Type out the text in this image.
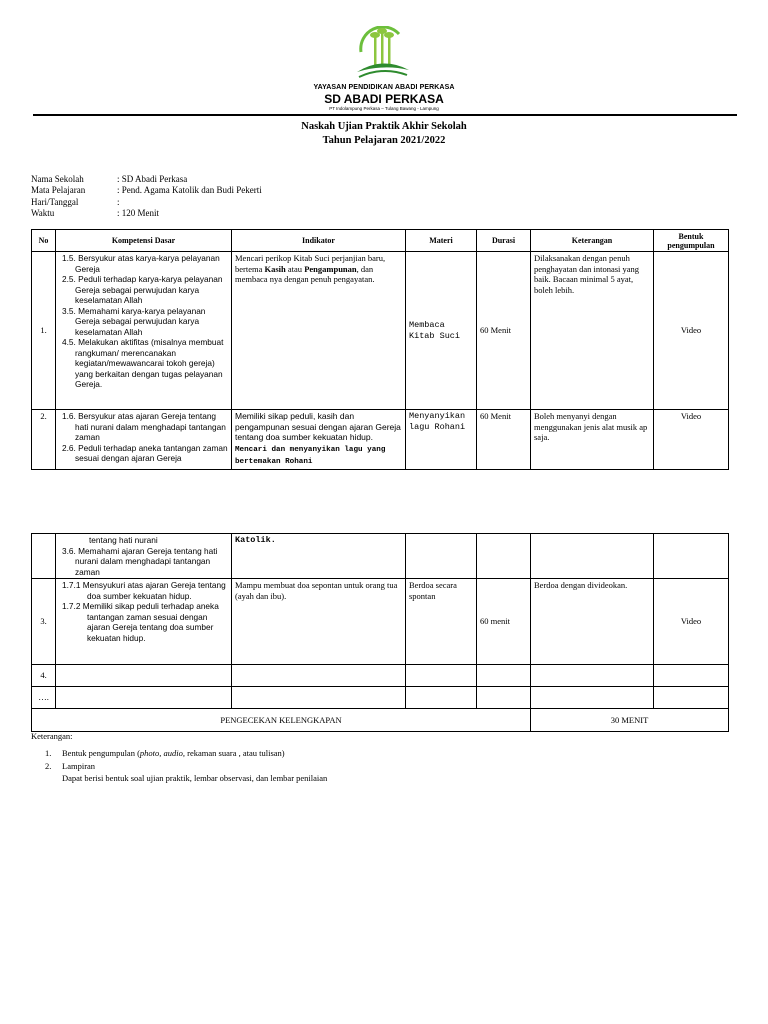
YAYASAN PENDIDIKAN ABADI PERKASA
SD ABADI PERKASA
PT Indolampung Perkasa – Tulang Bawang - Lampung
Naskah Ujian Praktik Akhir Sekolah
Tahun Pelajaran 2021/2022
Nama Sekolah	: SD Abadi Perkasa
Mata Pelajaran	: Pend. Agama Katolik dan Budi Pekerti
Hari/Tanggal	:
Waktu	: 120 Menit
No	Kompetensi Dasar	Indikator	Materi	Durasi	Keterangan	Bentuk pengumpulan
1.	1.5. Bersyukur atas karya-karya pelayanan Gereja
2.5. Peduli terhadap karya-karya pelayanan Gereja sebagai perwujudan karya keselamatan Allah
3.5. Memahami karya-karya pelayanan Gereja sebagai perwujudan karya keselamatan Allah
4.5. Melakukan aktifitas (misalnya membuat rangkuman/ merencanakan kegiatan/mewawancarai tokoh gereja) yang berkaitan dengan tugas pelayanan Gereja.	Mencari perikop Kitab Suci perjanjian baru, bertema Kasih atau Pengampunan, dan membaca nya dengan penuh pengayatan.	Membaca Kitab Suci	60 Menit	Dilaksanakan dengan penuh penghayatan dan intonasi yang baik. Bacaan minimal 5 ayat, boleh lebih.	Video
2.	1.6. Bersyukur atas ajaran Gereja tentang hati nurani dalam menghadapi tantangan zaman
2.6. Peduli terhadap aneka tantangan zaman sesuai dengan ajaran Gereja	Memiliki sikap peduli, kasih dan pengampunan sesuai dengan ajaran Gereja tentang doa sumber kekuatan hidup. Mencari dan menyanyikan lagu yang bertemakan Rohani	Menyanyikan lagu Rohani	60 Menit	Boleh menyanyi dengan menggunakan jenis alat musik ap saja.	Video

	tentang hati nurani
3.6. Memahami ajaran Gereja tentang hati nurani dalam menghadapi tantangan zaman	Katolik.				
3.	1.7.1 Mensyukuri atas ajaran Gereja tentang doa sumber kekuatan hidup.
1.7.2 Memiliki sikap peduli terhadap aneka tantangan zaman sesuai dengan ajaran Gereja tentang doa sumber kekuatan hidup.	Mampu membuat doa sepontan untuk orang tua (ayah dan ibu).	Berdoa secara spontan	60 menit	Berdoa dengan divideokan.	Video
4.						
….						
PENGECEKAN KELENGKAPAN					30 MENIT	
Keterangan:
1. Bentuk pengumpulan (photo, audio, rekaman suara , atau tulisan)
2. Lampiran
Dapat berisi bentuk soal ujian praktik, lembar observasi, dan lembar penilaian
